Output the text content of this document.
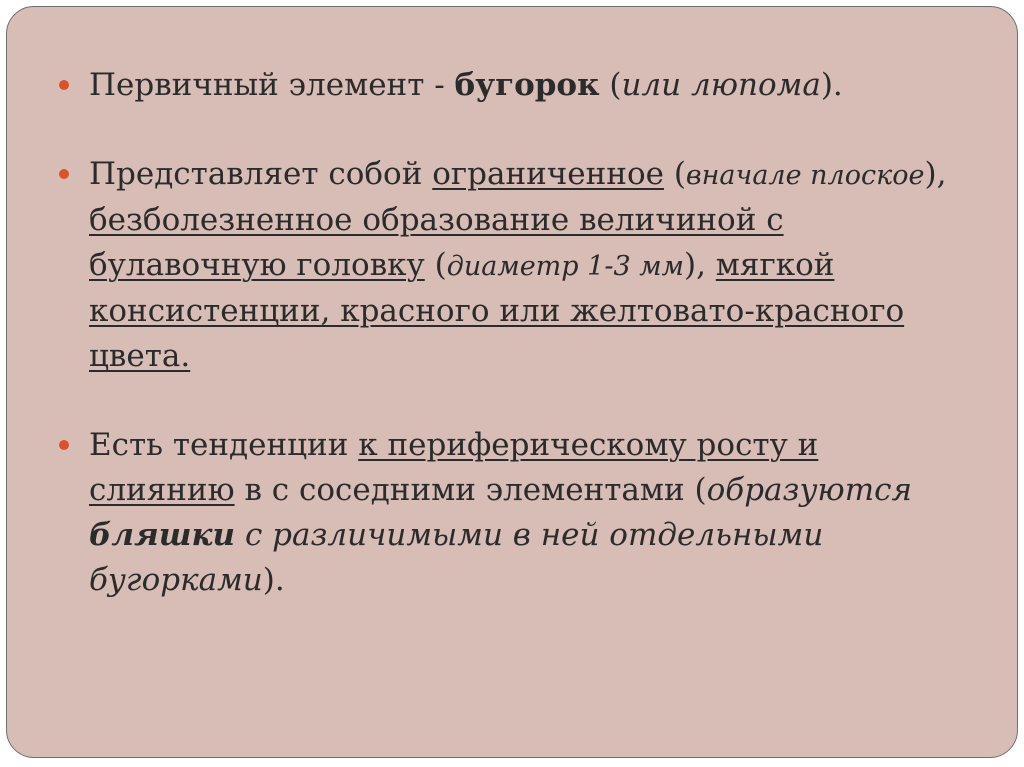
Первичный элемент - бугорок (или люпома).
Представляет собой ограниченное (вначале плоское), безболезненное образование величиной с булавочную головку (диаметр 1-3 мм), мягкой консистенции, красного или желтовато-красного цвета.
Есть тенденции к периферическому росту и слиянию в с соседними элементами (образуются бляшки с различимыми в ней отдельными бугорками).
